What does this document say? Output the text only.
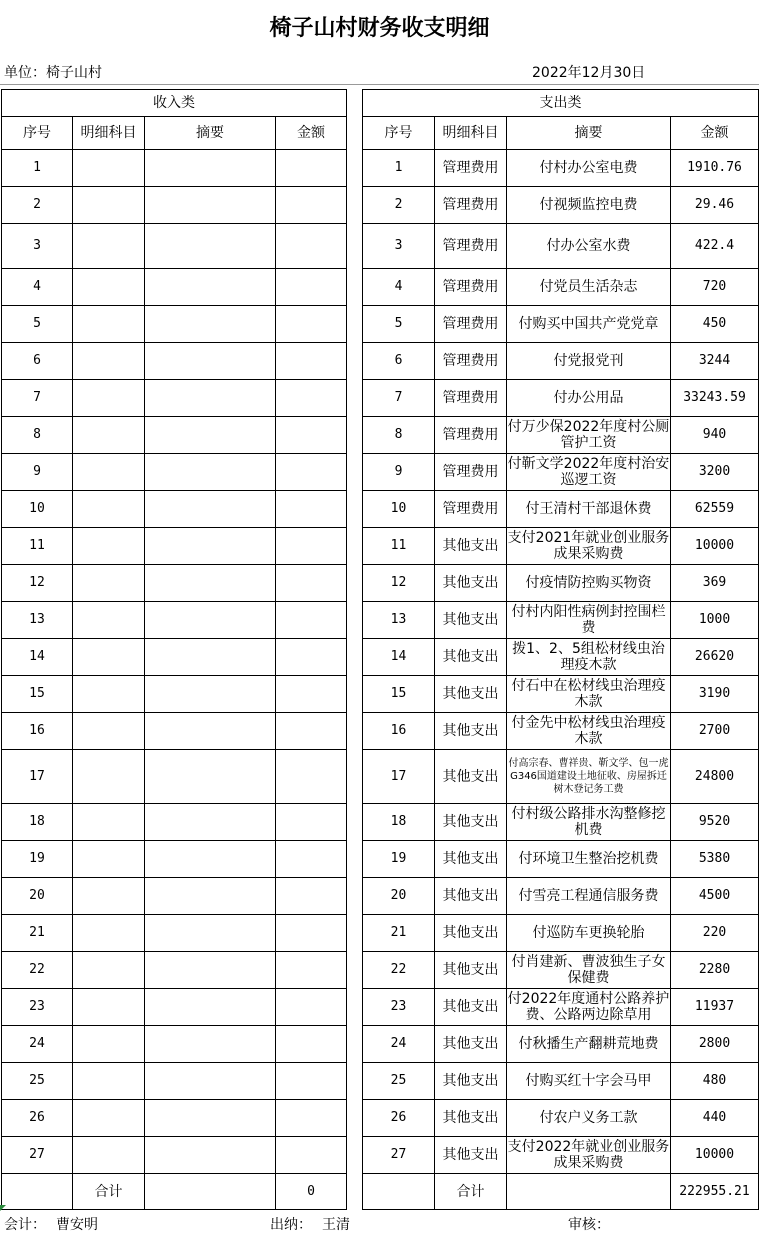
椅子山村财务收支明细
单位：椅子山村	2022年12月30日
收入类			
序号	明细科目	摘要	金额
1			
2			
3			
4			
5			
6			
7			
8			
9			
10			
11			
12			
13			
14			
15			
16			
17			
18			
19			
20			
21			
22			
23			
24			
25			
26			
27			
	合计		0
支出类			
序号	明细科目	摘要	金额
1	管理费用	付村办公室电费	1910.76
2	管理费用	付视频监控电费	29.46
3	管理费用	付办公室水费	422.4
4	管理费用	付党员生活杂志	720
5	管理费用	付购买中国共产党党章	450
6	管理费用	付党报党刊	3244
7	管理费用	付办公用品	33243.59
8	管理费用	付万少保2022年度村公厕管护工资	940
9	管理费用	付靳文学2022年度村治安巡逻工资	3200
10	管理费用	付王清村干部退休费	62559
11	其他支出	支付2021年就业创业服务成果采购费	10000
12	其他支出	付疫情防控购买物资	369
13	其他支出	付村内阳性病例封控围栏费	1000
14	其他支出	拨1、2、5组松材线虫治理疫木款	26620
15	其他支出	付石中在松材线虫治理疫木款	3190
16	其他支出	付金先中松材线虫治理疫木款	2700
17	其他支出	付高宗春、曹祥贵、靳文学、包一虎G346国道建设土地征收、房屋拆迁树木登记务工费	24800
18	其他支出	付村级公路排水沟整修挖机费	9520
19	其他支出	付环境卫生整治挖机费	5380
20	其他支出	付雪亮工程通信服务费	4500
21	其他支出	付巡防车更换轮胎	220
22	其他支出	付肖建新、曹波独生子女保健费	2280
23	其他支出	付2022年度通村公路养护费、公路两边除草用	11937
24	其他支出	付秋播生产翻耕荒地费	2800
25	其他支出	付购买红十字会马甲	480
26	其他支出	付农户义务工款	440
27	其他支出	支付2022年就业创业服务成果采购费	10000
	合计		222955.21
会计： 曹安明	出纳： 王清	审核：
